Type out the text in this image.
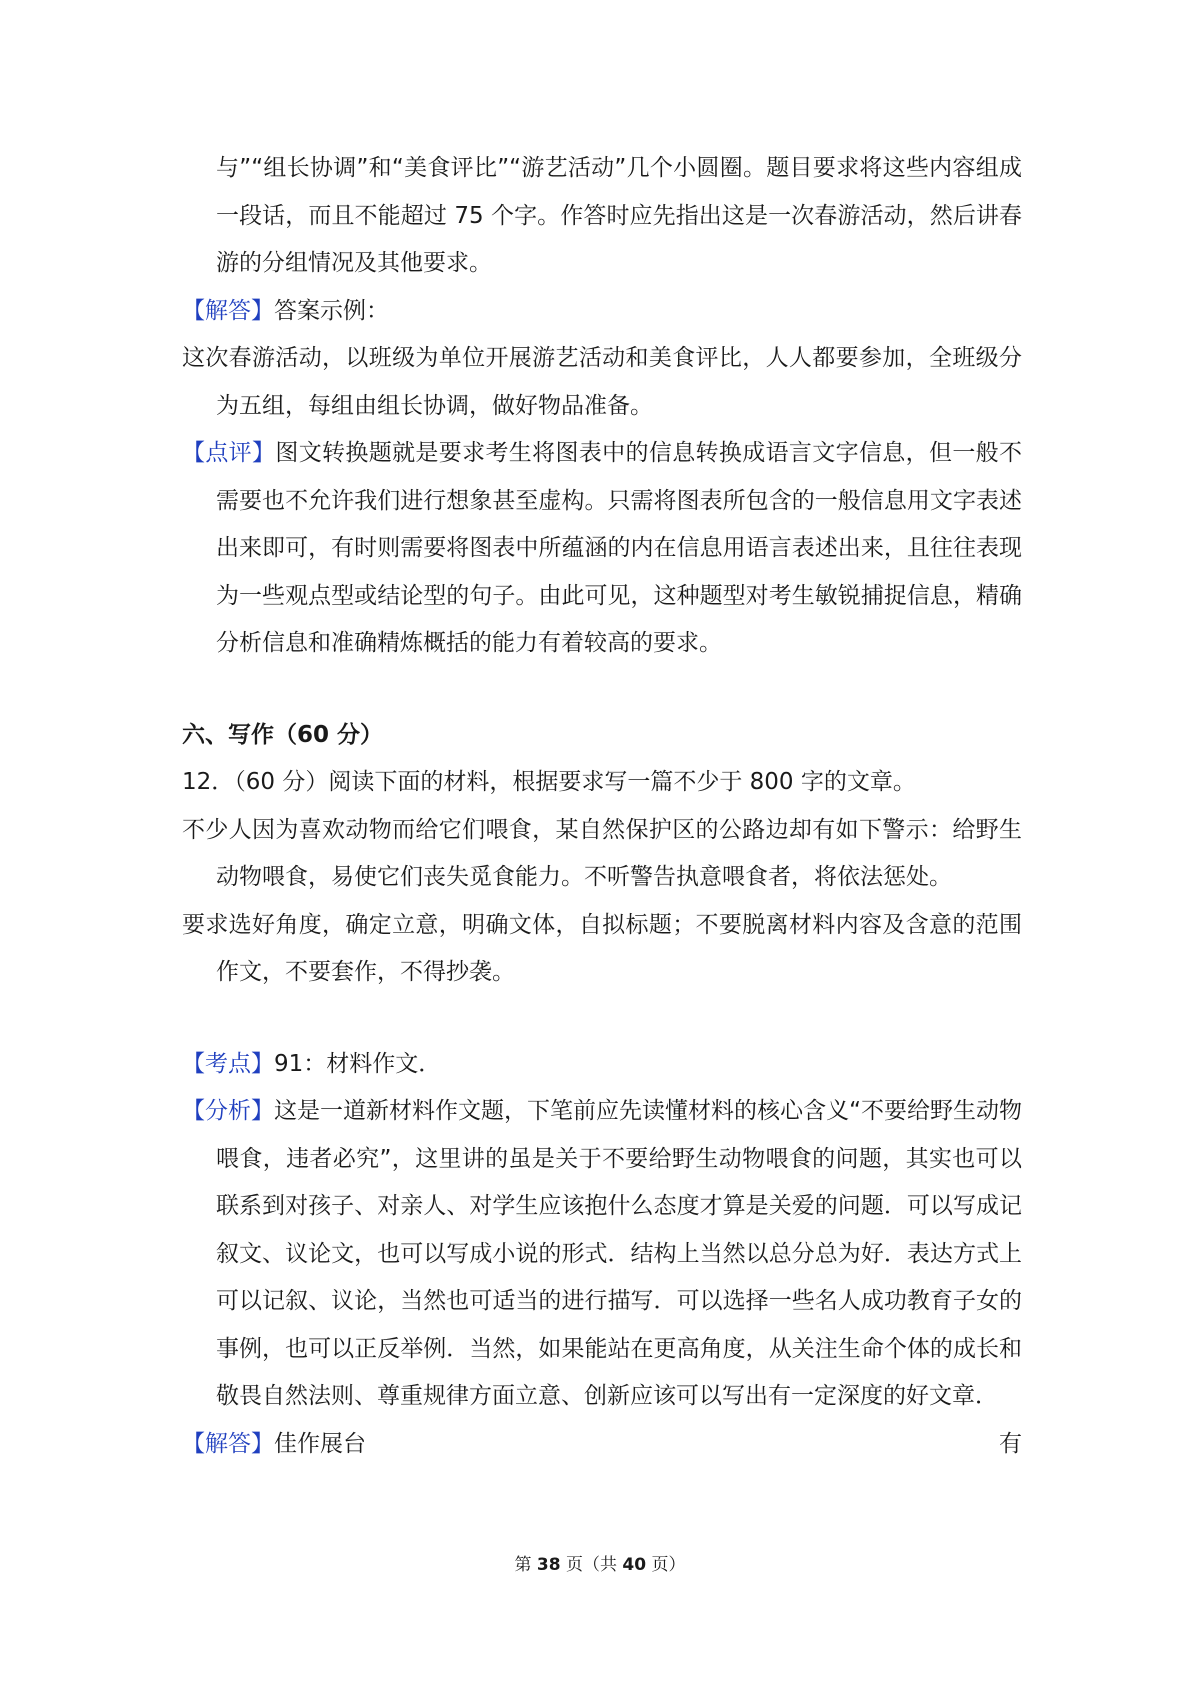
与”“组长协调”和“美食评比”“游艺活动”几个小圆圈。题目要求将这些内容组成一段话，而且不能超过 75 个字。作答时应先指出这是一次春游活动，然后讲春游的分组情况及其他要求。

【解答】答案示例：

这次春游活动，以班级为单位开展游艺活动和美食评比，人人都要参加，全班级分为五组，每组由组长协调，做好物品准备。

【点评】图文转换题就是要求考生将图表中的信息转换成语言文字信息，但一般不需要也不允许我们进行想象甚至虚构。只需将图表所包含的一般信息用文字表述出来即可，有时则需要将图表中所蕴涵的内在信息用语言表述出来，且往往表现为一些观点型或结论型的句子。由此可见，这种题型对考生敏锐捕捉信息，精确分析信息和准确精炼概括的能力有着较高的要求。

六、写作（60 分）

12．（60 分）阅读下面的材料，根据要求写一篇不少于 800 字的文章。

不少人因为喜欢动物而给它们喂食，某自然保护区的公路边却有如下警示：给野生动物喂食，易使它们丧失觅食能力。不听警告执意喂食者，将依法惩处。

要求选好角度，确定立意，明确文体，自拟标题；不要脱离材料内容及含意的范围作文，不要套作，不得抄袭。

【考点】91：材料作文．

【分析】这是一道新材料作文题，下笔前应先读懂材料的核心含义“不要给野生动物喂食，违者必究”，这里讲的虽是关于不要给野生动物喂食的问题，其实也可以联系到对孩子、对亲人、对学生应该抱什么态度才算是关爱的问题．可以写成记叙文、议论文，也可以写成小说的形式．结构上当然以总分总为好．表达方式上可以记叙、议论，当然也可适当的进行描写．可以选择一些名人成功教育子女的事例，也可以正反举例．当然，如果能站在更高角度，从关注生命个体的成长和敬畏自然法则、尊重规律方面立意、创新应该可以写出有一定深度的好文章．

【解答】佳作展台	有
第 38 页（共 40 页）
